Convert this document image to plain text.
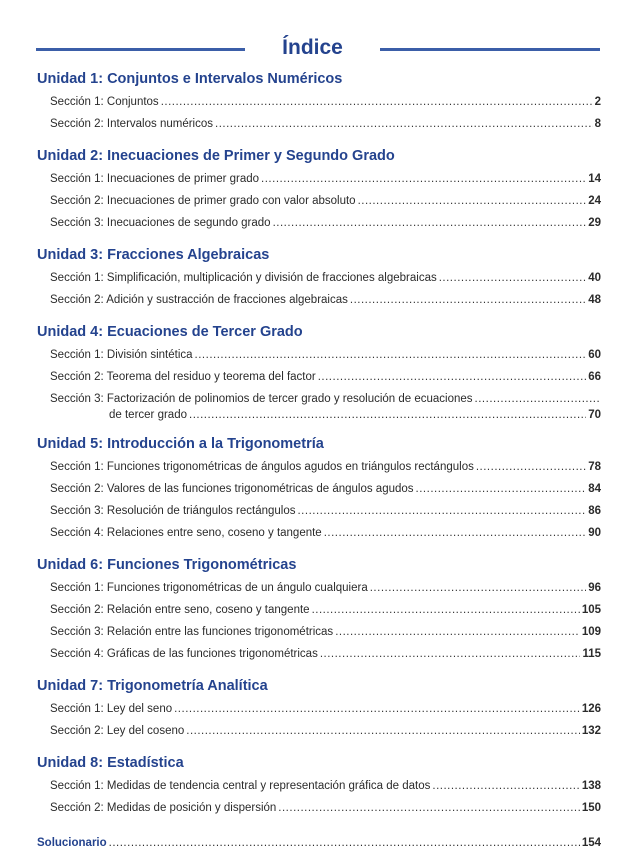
Índice
Unidad 1: Conjuntos e Intervalos Numéricos
Sección 1: Conjuntos .....	2
Sección 2: Intervalos numéricos .....	8
Unidad 2: Inecuaciones de Primer y Segundo Grado
Sección 1: Inecuaciones de primer grado .....	14
Sección 2: Inecuaciones de primer grado con valor absoluto .....	24
Sección 3: Inecuaciones de segundo grado .....	29
Unidad 3: Fracciones Algebraicas
Sección 1: Simplificación, multiplicación y división de fracciones algebraicas .....	40
Sección 2: Adición y sustracción de fracciones algebraicas .....	48
Unidad 4: Ecuaciones de Tercer Grado
Sección 1: División sintética .....	60
Sección 2: Teorema del residuo y teorema del factor .....	66
Sección 3: Factorización de polinomios de tercer grado y resolución de ecuaciones
.....
de tercer grado .....	70
Unidad 5: Introducción a la Trigonometría
Sección 1: Funciones trigonométricas de ángulos agudos en triángulos rectángulos .....	78
Sección 2: Valores de las funciones trigonométricas de ángulos agudos .....	84
Sección 3: Resolución de triángulos rectángulos .....	86
Sección 4: Relaciones entre seno, coseno y tangente .....	90
Unidad 6: Funciones Trigonométricas
Sección 1: Funciones trigonométricas de un ángulo cualquiera .....	96
Sección 2: Relación entre seno, coseno y tangente .....	105
Sección 3: Relación entre las funciones trigonométricas .....	109
Sección 4: Gráficas de las funciones trigonométricas .....	115
Unidad 7: Trigonometría Analítica
Sección 1: Ley del seno .....	126
Sección 2: Ley del coseno .....	132
Unidad 8: Estadística
Sección 1: Medidas de tendencia central y representación gráfica de datos .....	138
Sección 2: Medidas de posición y dispersión .....	150
Solucionario .....	154
